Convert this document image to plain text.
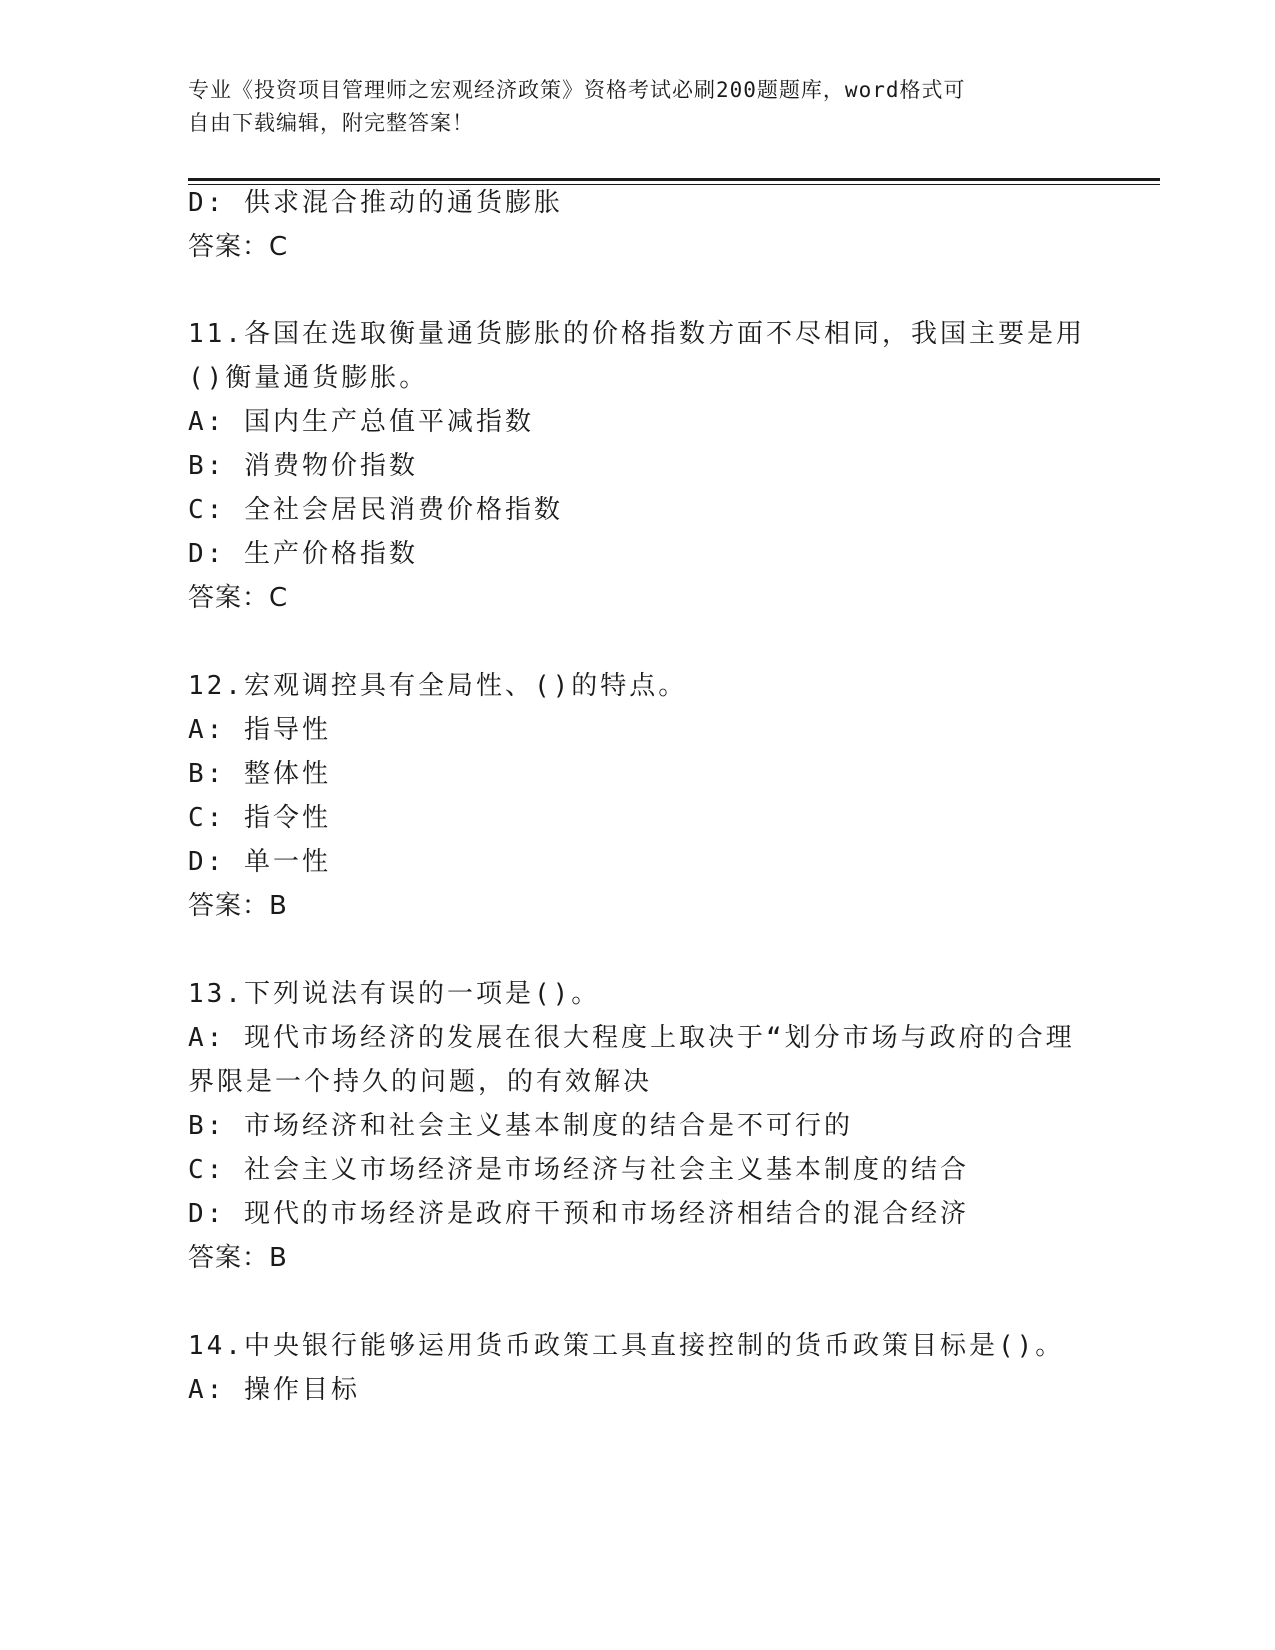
专业《投资项目管理师之宏观经济政策》资格考试必刷200题题库，word格式可
自由下载编辑，附完整答案！
D: 供求混合推动的通货膨胀
答案：C
11.各国在选取衡量通货膨胀的价格指数方面不尽相同，我国主要是用
()衡量通货膨胀。
A: 国内生产总值平减指数
B: 消费物价指数
C: 全社会居民消费价格指数
D: 生产价格指数
答案：C
12.宏观调控具有全局性、()的特点。
A: 指导性
B: 整体性
C: 指令性
D: 单一性
答案：B
13.下列说法有误的一项是()。
A: 现代市场经济的发展在很大程度上取决于“划分市场与政府的合理
界限是一个持久的问题，的有效解决
B: 市场经济和社会主义基本制度的结合是不可行的
C: 社会主义市场经济是市场经济与社会主义基本制度的结合
D: 现代的市场经济是政府干预和市场经济相结合的混合经济
答案：B
14.中央银行能够运用货币政策工具直接控制的货币政策目标是()。
A: 操作目标
